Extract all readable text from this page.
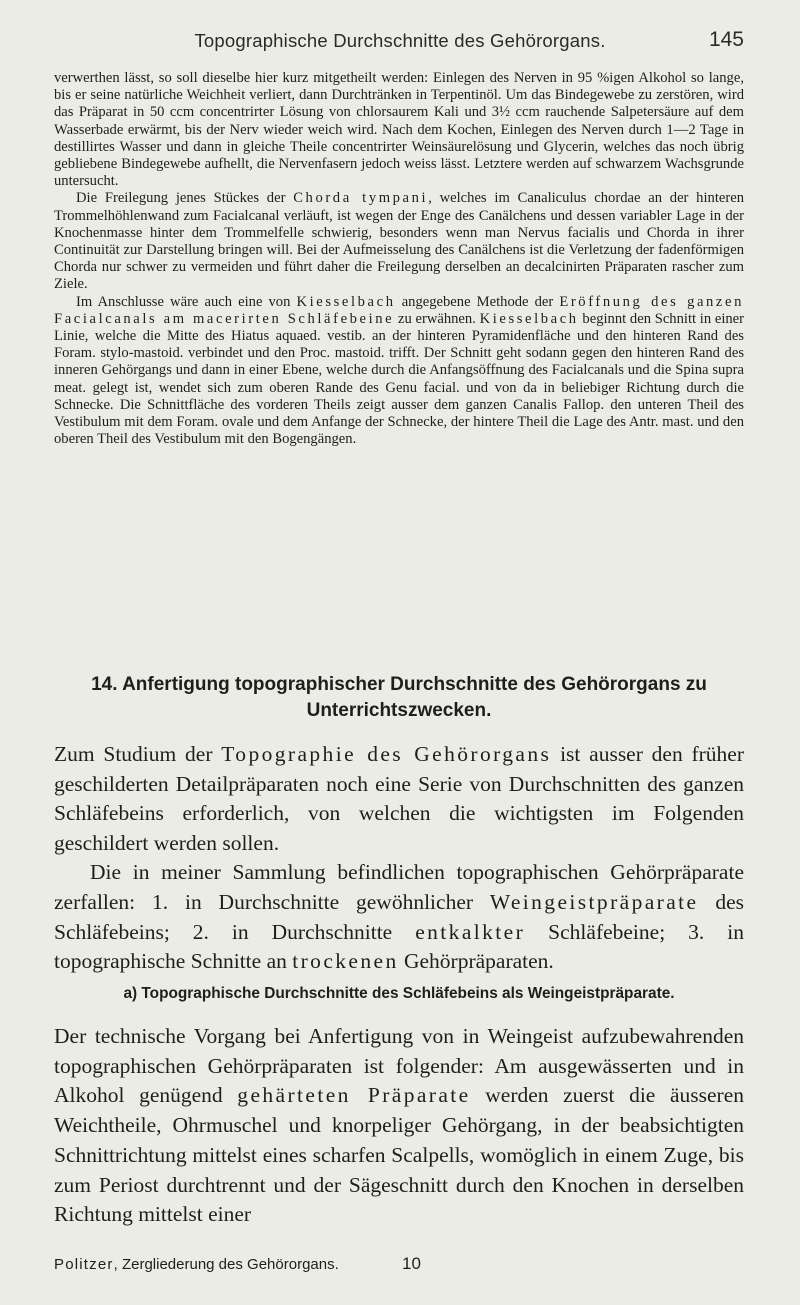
Topographische Durchschnitte des Gehörorgans.	145

verwerthen lässt, so soll dieselbe hier kurz mitgetheilt werden: Einlegen des Nerven in 95 %igen Alkohol so lange, bis er seine natürliche Weichheit verliert, dann Durchtränken in Terpentinöl. Um das Bindegewebe zu zerstören, wird das Präparat in 50 ccm concentrirter Lösung von chlorsaurem Kali und 3½ ccm rauchende Salpetersäure auf dem Wasserbade erwärmt, bis der Nerv wieder weich wird. Nach dem Kochen, Einlegen des Nerven durch 1—2 Tage in destillirtes Wasser und dann in gleiche Theile concentrirter Weinsäurelösung und Glycerin, welches das noch übrig gebliebene Bindegewebe aufhellt, die Nervenfasern jedoch weiss lässt. Letztere werden auf schwarzem Wachsgrunde untersucht.

Die Freilegung jenes Stückes der Chorda tympani, welches im Canaliculus chordae an der hinteren Trommelhöhlenwand zum Facialcanal verläuft, ist wegen der Enge des Canälchens und dessen variabler Lage in der Knochenmasse hinter dem Trommelfelle schwierig, besonders wenn man Nervus facialis und Chorda in ihrer Continuität zur Darstellung bringen will. Bei der Aufmeisselung des Canälchens ist die Verletzung der fadenförmigen Chorda nur schwer zu vermeiden und führt daher die Freilegung derselben an decalcinirten Präparaten rascher zum Ziele.

Im Anschlusse wäre auch eine von Kiesselbach angegebene Methode der Eröffnung des ganzen Facialcanals am macerirten Schläfebeine zu erwähnen. Kiesselbach beginnt den Schnitt in einer Linie, welche die Mitte des Hiatus aquaed. vestib. an der hinteren Pyramidenfläche und den hinteren Rand des Foram. stylo-mastoid. verbindet und den Proc. mastoid. trifft. Der Schnitt geht sodann gegen den hinteren Rand des inneren Gehörgangs und dann in einer Ebene, welche durch die Anfangsöffnung des Facialcanals und die Spina supra meat. gelegt ist, wendet sich zum oberen Rande des Genu facial. und von da in beliebiger Richtung durch die Schnecke. Die Schnittfläche des vorderen Theils zeigt ausser dem ganzen Canalis Fallop. den unteren Theil des Vestibulum mit dem Foram. ovale und dem Anfange der Schnecke, der hintere Theil die Lage des Antr. mast. und den oberen Theil des Vestibulum mit den Bogengängen.

14. Anfertigung topographischer Durchschnitte des Gehörorgans zu
Unterrichtszwecken.

Zum Studium der Topographie des Gehörorgans ist ausser den früher geschilderten Detailpräparaten noch eine Serie von Durchschnitten des ganzen Schläfebeins erforderlich, von welchen die wichtigsten im Folgenden geschildert werden sollen.

Die in meiner Sammlung befindlichen topographischen Gehörpräparate zerfallen: 1. in Durchschnitte gewöhnlicher Weingeistpräparate des Schläfebeins; 2. in Durchschnitte entkalkter Schläfebeine; 3. in topographische Schnitte an trockenen Gehörpräparaten.

a) Topographische Durchschnitte des Schläfebeins als Weingeistpräparate.

Der technische Vorgang bei Anfertigung von in Weingeist aufzubewahrenden topographischen Gehörpräparaten ist folgender: Am ausgewässerten und in Alkohol genügend gehärteten Präparate werden zuerst die äusseren Weichtheile, Ohrmuschel und knorpeliger Gehörgang, in der beabsichtigten Schnittrichtung mittelst eines scharfen Scalpells, womöglich in einem Zuge, bis zum Periost durchtrennt und der Sägeschnitt durch den Knochen in derselben Richtung mittelst einer

Politzer, Zergliederung des Gehörorgans.	10
